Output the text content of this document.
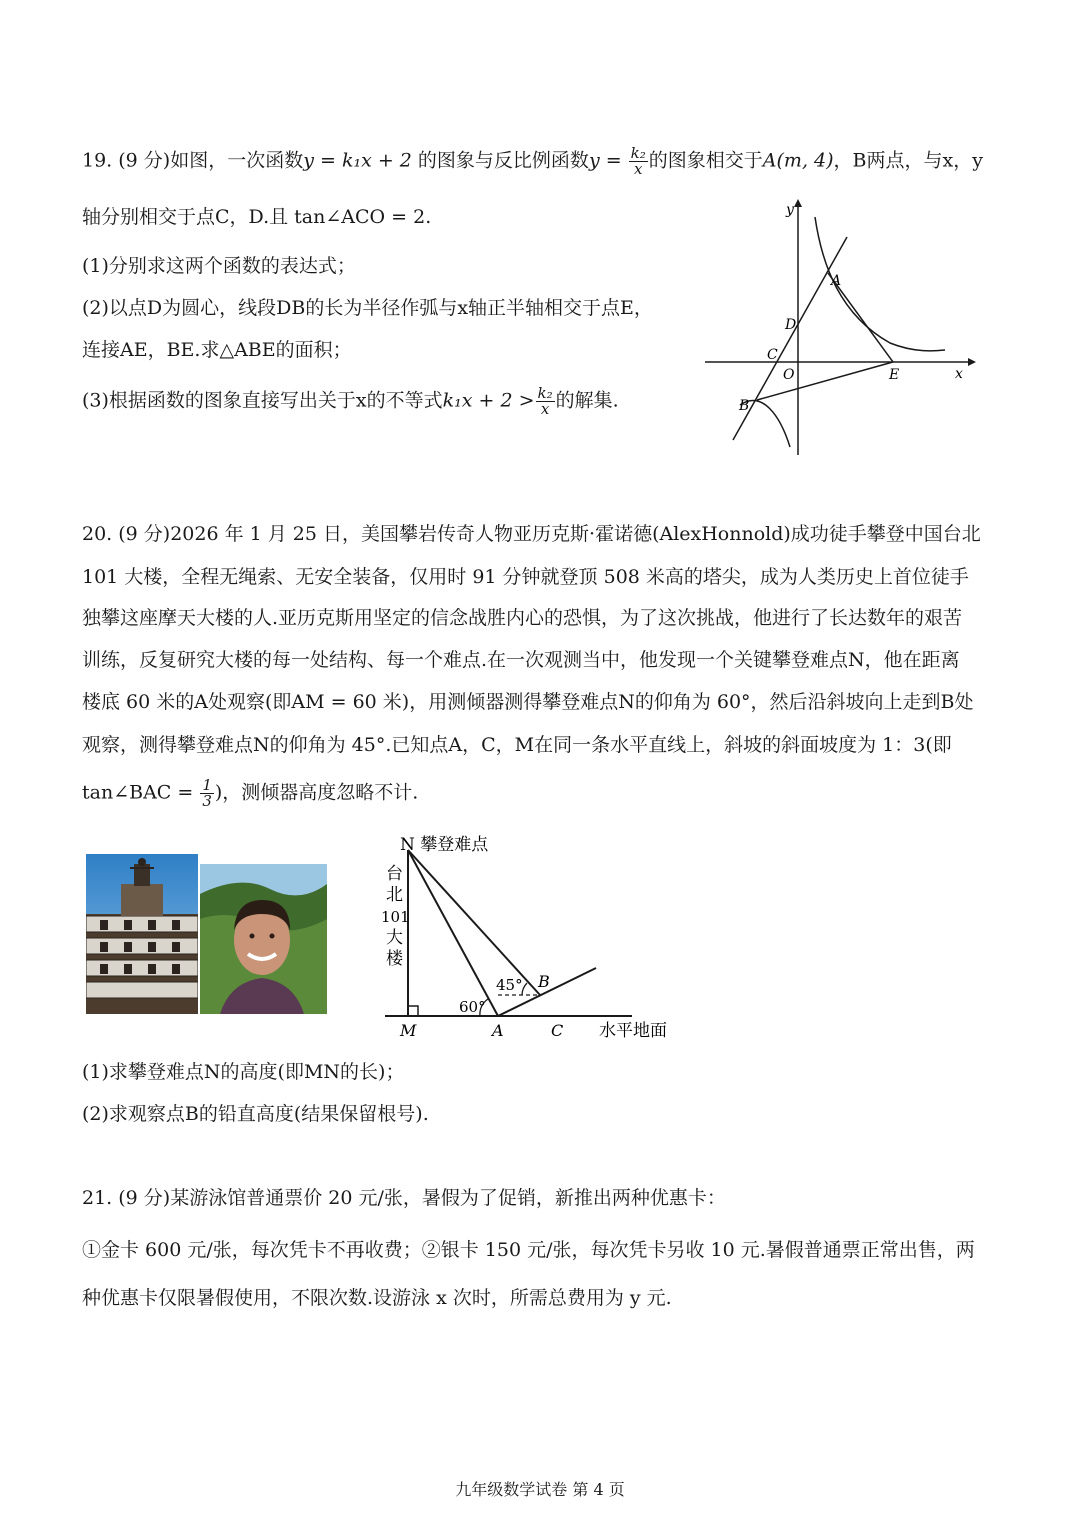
19. (9 分)如图，一次函数y = k₁x + 2 的图象与反比例函数$y = \frac{\text{k₂}}{x}$ 的图象相交于A(m, 4)，B两点，与x，y
轴分别相交于点C，D.且 tan∠ACO = 2.
(1)分别求这两个函数的表达式；
(2)以点D为圆心，线段DB的长为半径作弧与x轴正半轴相交于点E，
连接AE，BE.求△ABE的面积；
(3)根据函数的图象直接写出关于x的不等式$k_1x + 2 > \frac{\text{k₂}}{x}$ 的解集.
y
x
A
B
C
D
E
O
20. (9 分)2026 年 1 月 25 日，美国攀岩传奇人物亚历克斯·霍诺德(AlexHonnold)成功徒手攀登中国台北
101 大楼，全程无绳索、无安全装备，仅用时 91 分钟就登顶 508 米高的塔尖，成为人类历史上首位徒手
独攀这座摩天大楼的人.亚历克斯用坚定的信念战胜内心的恐惧，为了这次挑战，他进行了长达数年的艰苦
训练，反复研究大楼的每一处结构、每一个难点.在一次观测当中，他发现一个关键攀登难点N，他在距离
楼底 60 米的A处观察(即AM = 60 米)，用测倾器测得攀登难点N的仰角为 60°，然后沿斜坡向上走到B处
观察，测得攀登难点N的仰角为 45°.已知点A，C，M在同一条水平直线上，斜坡的斜面坡度为 1：3(即
tan∠BAC = $\frac{1}{3}$ )，测倾器高度忽略不计.
N 攀登难点
台
北
101
大
楼
60°
45°
M	A	C
B
水平地面
(1)求攀登难点N的高度(即MN的长)；
(2)求观察点B的铅直高度(结果保留根号).
21. (9 分)某游泳馆普通票价 20 元/张，暑假为了促销，新推出两种优惠卡：
①金卡 600 元/张，每次凭卡不再收费；②银卡 150 元/张，每次凭卡另收 10 元.暑假普通票正常出售，两
种优惠卡仅限暑假使用，不限次数.设游泳 x 次时，所需总费用为 y 元.
九年级数学试卷 第 4 页
